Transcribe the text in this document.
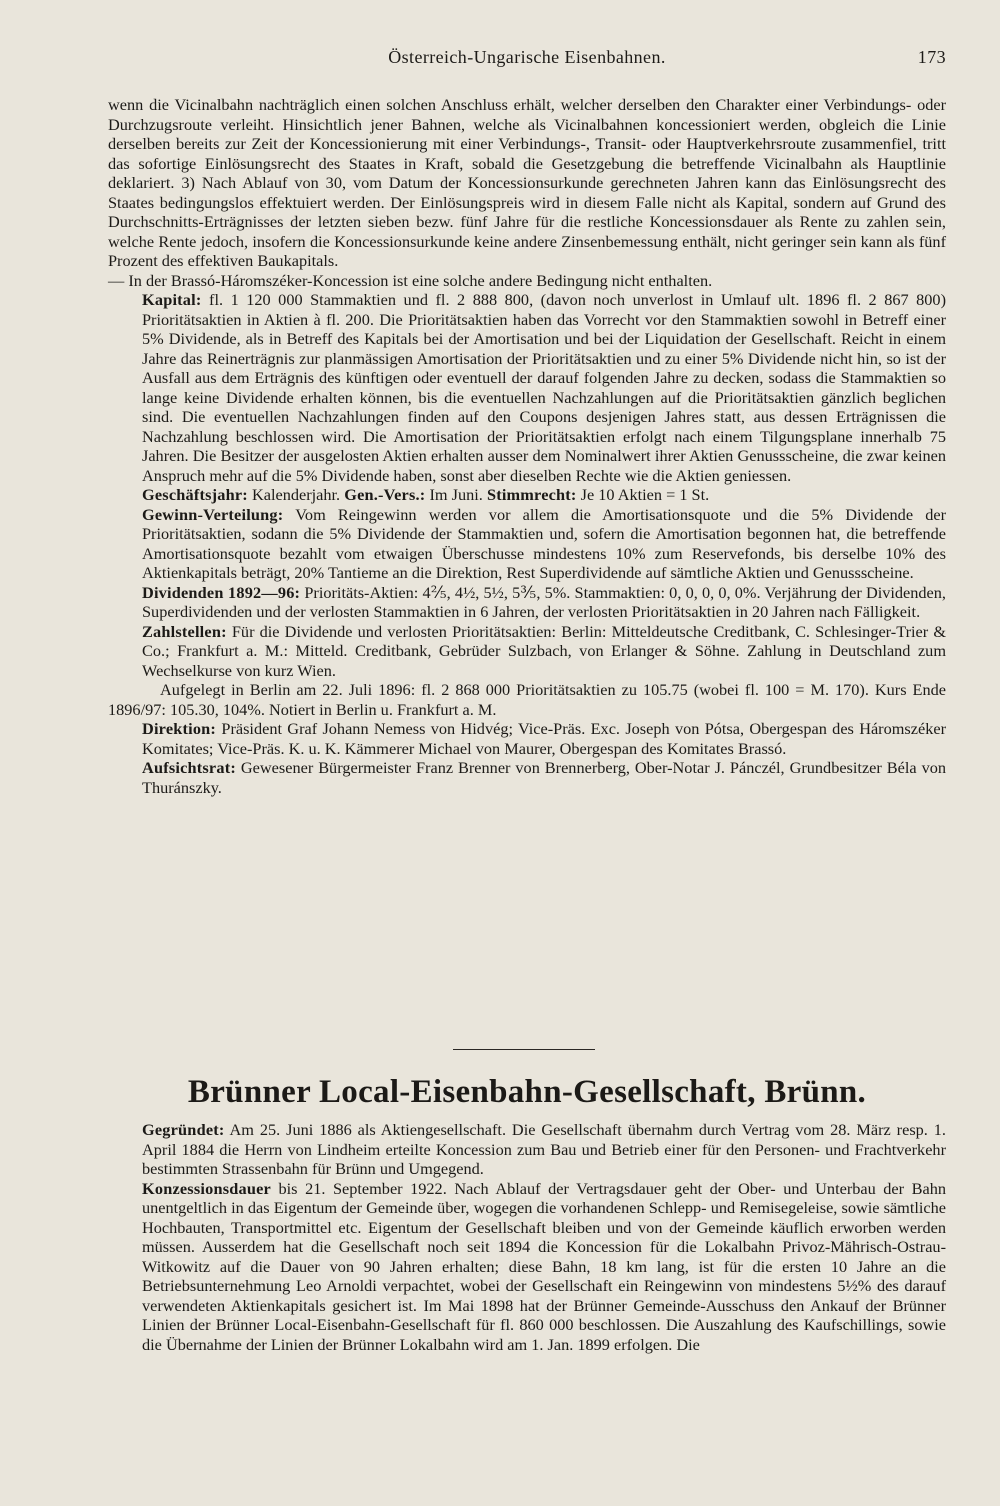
Österreich-Ungarische Eisenbahnen.	173

wenn die Vicinalbahn nachträglich einen solchen Anschluss erhält, welcher derselben den Charakter einer Verbindungs- oder Durchzugsroute verleiht. Hinsichtlich jener Bahnen, welche als Vicinalbahnen koncessioniert werden, obgleich die Linie derselben bereits zur Zeit der Koncessionierung mit einer Verbindungs-, Transit- oder Hauptverkehrsroute zusammenfiel, tritt das sofortige Einlösungsrecht des Staates in Kraft, sobald die Gesetzgebung die betreffende Vicinalbahn als Hauptlinie deklariert. 3) Nach Ablauf von 30, vom Datum der Koncessionsurkunde gerechneten Jahren kann das Einlösungsrecht des Staates bedingungslos effektuiert werden. Der Einlösungspreis wird in diesem Falle nicht als Kapital, sondern auf Grund des Durchschnitts-Erträgnisses der letzten sieben bezw. fünf Jahre für die restliche Koncessionsdauer als Rente zu zahlen sein, welche Rente jedoch, insofern die Koncessionsurkunde keine andere Zinsenbemessung enthält, nicht geringer sein kann als fünf Prozent des effektiven Baukapitals.

— In der Brassó-Háromszéker-Koncession ist eine solche andere Bedingung nicht enthalten.

Kapital: fl. 1 120 000 Stammaktien und fl. 2 888 800, (davon noch unverlost in Umlauf ult. 1896 fl. 2 867 800) Prioritätsaktien in Aktien à fl. 200. Die Prioritätsaktien haben das Vorrecht vor den Stammaktien sowohl in Betreff einer 5% Dividende, als in Betreff des Kapitals bei der Amortisation und bei der Liquidation der Gesellschaft. Reicht in einem Jahre das Reinerträgnis zur planmässigen Amortisation der Prioritätsaktien und zu einer 5% Dividende nicht hin, so ist der Ausfall aus dem Erträgnis des künftigen oder eventuell der darauf folgenden Jahre zu decken, sodass die Stammaktien so lange keine Dividende erhalten können, bis die eventuellen Nachzahlungen auf die Prioritätsaktien gänzlich beglichen sind. Die eventuellen Nachzahlungen finden auf den Coupons desjenigen Jahres statt, aus dessen Erträgnissen die Nachzahlung beschlossen wird. Die Amortisation der Prioritätsaktien erfolgt nach einem Tilgungsplane innerhalb 75 Jahren. Die Besitzer der ausgelosten Aktien erhalten ausser dem Nominalwert ihrer Aktien Genussscheine, die zwar keinen Anspruch mehr auf die 5% Dividende haben, sonst aber dieselben Rechte wie die Aktien geniessen.

Geschäftsjahr: Kalenderjahr. Gen.-Vers.: Im Juni. Stimmrecht: Je 10 Aktien = 1 St.

Gewinn-Verteilung: Vom Reingewinn werden vor allem die Amortisationsquote und die 5% Dividende der Prioritätsaktien, sodann die 5% Dividende der Stammaktien und, sofern die Amortisation begonnen hat, die betreffende Amortisationsquote bezahlt vom etwaigen Überschusse mindestens 10% zum Reservefonds, bis derselbe 10% des Aktienkapitals beträgt, 20% Tantieme an die Direktion, Rest Superdividende auf sämtliche Aktien und Genussscheine.

Dividenden 1892—96: Prioritäts-Aktien: 4⅖, 4½, 5½, 5⅗, 5%. Stammaktien: 0, 0, 0, 0, 0%. Verjährung der Dividenden, Superdividenden und der verlosten Stammaktien in 6 Jahren, der verlosten Prioritätsaktien in 20 Jahren nach Fälligkeit.

Zahlstellen: Für die Dividende und verlosten Prioritätsaktien: Berlin: Mitteldeutsche Creditbank, C. Schlesinger-Trier & Co.; Frankfurt a. M.: Mitteld. Creditbank, Gebrüder Sulzbach, von Erlanger & Söhne. Zahlung in Deutschland zum Wechselkurse von kurz Wien.

Aufgelegt in Berlin am 22. Juli 1896: fl. 2 868 000 Prioritätsaktien zu 105.75 (wobei fl. 100 = M. 170). Kurs Ende 1896/97: 105.30, 104%. Notiert in Berlin u. Frankfurt a. M.

Direktion: Präsident Graf Johann Nemess von Hidvég; Vice-Präs. Exc. Joseph von Pótsa, Obergespan des Háromszéker Komitates; Vice-Präs. K. u. K. Kämmerer Michael von Maurer, Obergespan des Komitates Brassó.

Aufsichtsrat: Gewesener Bürgermeister Franz Brenner von Brennerberg, Ober-Notar J. Pánczél, Grundbesitzer Béla von Thuránszky.

Brünner Local-Eisenbahn-Gesellschaft, Brünn.

Gegründet: Am 25. Juni 1886 als Aktiengesellschaft. Die Gesellschaft übernahm durch Vertrag vom 28. März resp. 1. April 1884 die Herrn von Lindheim erteilte Koncession zum Bau und Betrieb einer für den Personen- und Frachtverkehr bestimmten Strassenbahn für Brünn und Umgegend.

Konzessionsdauer bis 21. September 1922. Nach Ablauf der Vertragsdauer geht der Ober- und Unterbau der Bahn unentgeltlich in das Eigentum der Gemeinde über, wogegen die vorhandenen Schlepp- und Remisegeleise, sowie sämtliche Hochbauten, Transportmittel etc. Eigentum der Gesellschaft bleiben und von der Gemeinde käuflich erworben werden müssen. Ausserdem hat die Gesellschaft noch seit 1894 die Koncession für die Lokalbahn Privoz-Mährisch-Ostrau-Witkowitz auf die Dauer von 90 Jahren erhalten; diese Bahn, 18 km lang, ist für die ersten 10 Jahre an die Betriebsunternehmung Leo Arnoldi verpachtet, wobei der Gesellschaft ein Reingewinn von mindestens 5½% des darauf verwendeten Aktienkapitals gesichert ist. Im Mai 1898 hat der Brünner Gemeinde-Ausschuss den Ankauf der Brünner Linien der Brünner Local-Eisenbahn-Gesellschaft für fl. 860 000 beschlossen. Die Auszahlung des Kaufschillings, sowie die Übernahme der Linien der Brünner Lokalbahn wird am 1. Jan. 1899 erfolgen. Die
